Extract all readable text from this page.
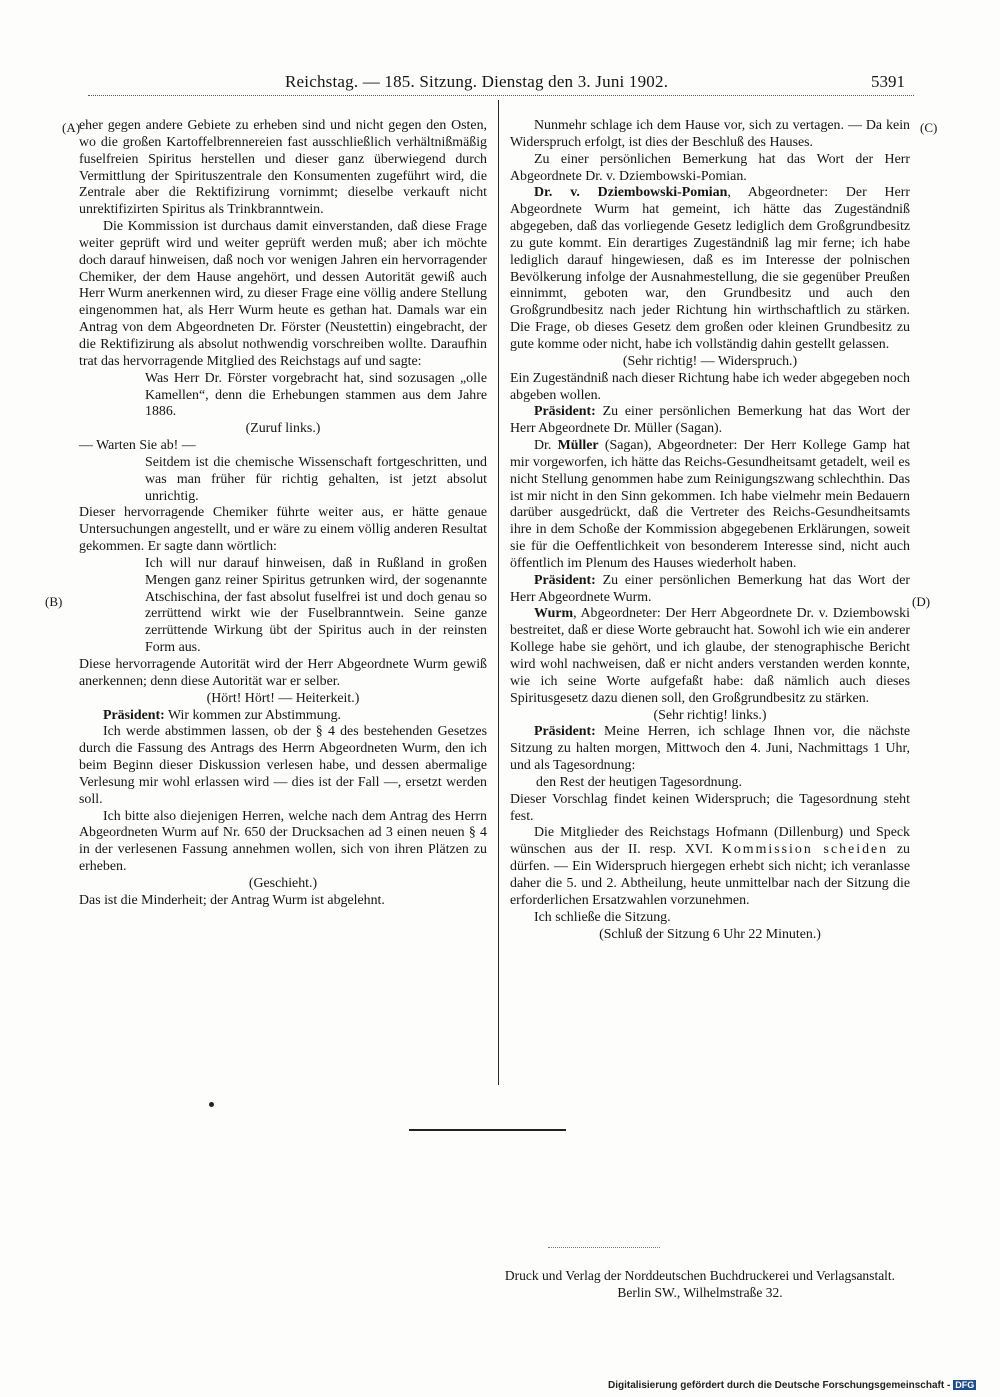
Reichstag. — 185. Sitzung. Dienstag den 3. Juni 1902.	5391
(A)
(B)
(C)
(D)

eher gegen andere Gebiete zu erheben sind und nicht gegen den Osten, wo die großen Kartoffelbrennereien fast ausschließlich verhältnißmäßig fuselfreien Spiritus herstellen und dieser ganz überwiegend durch Vermittlung der Spirituszentrale den Konsumenten zugeführt wird, die Zentrale aber die Rektifizirung vornimmt; dieselbe verkauft nicht unrektifizirten Spiritus als Trinkbranntwein.

Die Kommission ist durchaus damit einverstanden, daß diese Frage weiter geprüft wird und weiter geprüft werden muß; aber ich möchte doch darauf hinweisen, daß noch vor wenigen Jahren ein hervorragender Chemiker, der dem Hause angehört, und dessen Autorität gewiß auch Herr Wurm anerkennen wird, zu dieser Frage eine völlig andere Stellung eingenommen hat, als Herr Wurm heute es gethan hat. Damals war ein Antrag von dem Abgeordneten Dr. Förster (Neustettin) eingebracht, der die Rektifizirung als absolut nothwendig vorschreiben wollte. Daraufhin trat das hervorragende Mitglied des Reichstags auf und sagte:

Was Herr Dr. Förster vorgebracht hat, sind sozusagen „olle Kamellen“, denn die Erhebungen stammen aus dem Jahre 1886.

(Zuruf links.)

— Warten Sie ab! —

Seitdem ist die chemische Wissenschaft fortgeschritten, und was man früher für richtig gehalten, ist jetzt absolut unrichtig.

Dieser hervorragende Chemiker führte weiter aus, er hätte genaue Untersuchungen angestellt, und er wäre zu einem völlig anderen Resultat gekommen. Er sagte dann wörtlich:

Ich will nur darauf hinweisen, daß in Rußland in großen Mengen ganz reiner Spiritus getrunken wird, der sogenannte Atschischina, der fast absolut fuselfrei ist und doch genau so zerrüttend wirkt wie der Fuselbranntwein. Seine ganze zerrüttende Wirkung übt der Spiritus auch in der reinsten Form aus.

Diese hervorragende Autorität wird der Herr Abgeordnete Wurm gewiß anerkennen; denn diese Autorität war er selber.

(Hört! Hört! — Heiterkeit.)

Präsident: Wir kommen zur Abstimmung.

Ich werde abstimmen lassen, ob der § 4 des bestehenden Gesetzes durch die Fassung des Antrags des Herrn Abgeordneten Wurm, den ich beim Beginn dieser Diskussion verlesen habe, und dessen abermalige Verlesung mir wohl erlassen wird — dies ist der Fall —, ersetzt werden soll.

Ich bitte also diejenigen Herren, welche nach dem Antrag des Herrn Abgeordneten Wurm auf Nr. 650 der Drucksachen ad 3 einen neuen § 4 in der verlesenen Fassung annehmen wollen, sich von ihren Plätzen zu erheben.

(Geschieht.)

Das ist die Minderheit; der Antrag Wurm ist abgelehnt.

Nunmehr schlage ich dem Hause vor, sich zu vertagen. — Da kein Widerspruch erfolgt, ist dies der Beschluß des Hauses.

Zu einer persönlichen Bemerkung hat das Wort der Herr Abgeordnete Dr. v. Dziembowski-Pomian.

Dr. v. Dziembowski-Pomian, Abgeordneter: Der Herr Abgeordnete Wurm hat gemeint, ich hätte das Zugeständniß abgegeben, daß das vorliegende Gesetz lediglich dem Großgrundbesitz zu gute kommt. Ein derartiges Zugeständniß lag mir ferne; ich habe lediglich darauf hingewiesen, daß es im Interesse der polnischen Bevölkerung infolge der Ausnahmestellung, die sie gegenüber Preußen einnimmt, geboten war, den Grundbesitz und auch den Großgrundbesitz nach jeder Richtung hin wirthschaftlich zu stärken. Die Frage, ob dieses Gesetz dem großen oder kleinen Grundbesitz zu gute komme oder nicht, habe ich vollständig dahin gestellt gelassen.

(Sehr richtig! — Widerspruch.)

Ein Zugeständniß nach dieser Richtung habe ich weder abgegeben noch abgeben wollen.

Präsident: Zu einer persönlichen Bemerkung hat das Wort der Herr Abgeordnete Dr. Müller (Sagan).

Dr. Müller (Sagan), Abgeordneter: Der Herr Kollege Gamp hat mir vorgeworfen, ich hätte das Reichs-Gesundheitsamt getadelt, weil es nicht Stellung genommen habe zum Reinigungszwang schlechthin. Das ist mir nicht in den Sinn gekommen. Ich habe vielmehr mein Bedauern darüber ausgedrückt, daß die Vertreter des Reichs-Gesundheitsamts ihre in dem Schoße der Kommission abgegebenen Erklärungen, soweit sie für die Oeffentlichkeit von besonderem Interesse sind, nicht auch öffentlich im Plenum des Hauses wiederholt haben.

Präsident: Zu einer persönlichen Bemerkung hat das Wort der Herr Abgeordnete Wurm.

Wurm, Abgeordneter: Der Herr Abgeordnete Dr. v. Dziembowski bestreitet, daß er diese Worte gebraucht hat. Sowohl ich wie ein anderer Kollege habe sie gehört, und ich glaube, der stenographische Bericht wird wohl nachweisen, daß er nicht anders verstanden werden konnte, wie ich seine Worte aufgefaßt habe: daß nämlich auch dieses Spiritusgesetz dazu dienen soll, den Großgrundbesitz zu stärken.

(Sehr richtig! links.)

Präsident: Meine Herren, ich schlage Ihnen vor, die nächste Sitzung zu halten morgen, Mittwoch den 4. Juni, Nachmittags 1 Uhr, und als Tagesordnung:

den Rest der heutigen Tagesordnung.

Dieser Vorschlag findet keinen Widerspruch; die Tagesordnung steht fest.

Die Mitglieder des Reichstags Hofmann (Dillenburg) und Speck wünschen aus der II. resp. XVI. Kommission scheiden zu dürfen. — Ein Widerspruch hiergegen erhebt sich nicht; ich veranlasse daher die 5. und 2. Abtheilung, heute unmittelbar nach der Sitzung die erforderlichen Ersatzwahlen vorzunehmen.

Ich schließe die Sitzung.

(Schluß der Sitzung 6 Uhr 22 Minuten.)

Druck und Verlag der Norddeutschen Buchdruckerei und Verlagsanstalt.
Berlin SW., Wilhelmstraße 32.
Digitalisierung gefördert durch die Deutsche Forschungsgemeinschaft - DFG
